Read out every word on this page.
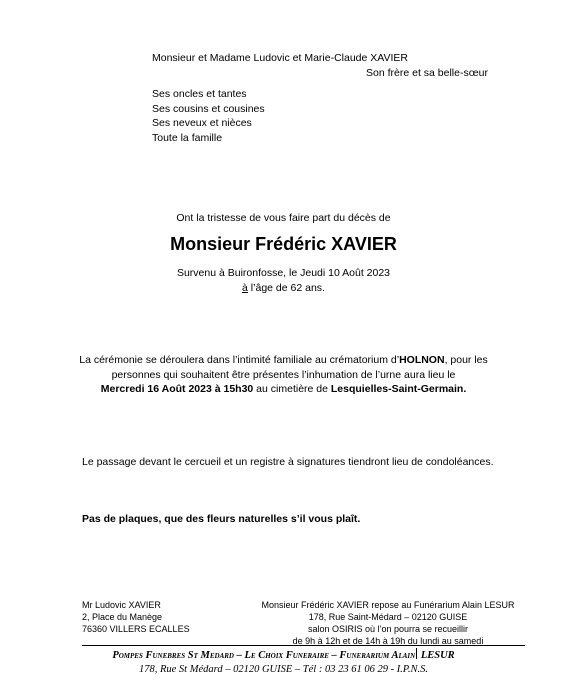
Monsieur et Madame Ludovic et Marie-Claude XAVIER
Son frère et sa belle-sœur
Ses oncles et tantes
Ses cousins et cousines
Ses neveux et nièces
Toute la famille
Ont la tristesse de vous faire part du décès de
Monsieur Frédéric XAVIER
Survenu à Buironfosse, le Jeudi 10 Août 2023
à l’âge de 62 ans.
La cérémonie se déroulera dans l’intimité familiale au crématorium d’HOLNON, pour les
personnes qui souhaitent être présentes l’inhumation de l’urne aura lieu le
Mercredi 16 Août 2023 à 15h30 au cimetière de Lesquielles-Saint-Germain.
Le passage devant le cercueil et un registre à signatures tiendront lieu de condoléances.
Pas de plaques, que des fleurs naturelles s’il vous plaît.
Mr Ludovic XAVIER
2, Place du Manège
76360 VILLERS ECALLES
Monsieur Frédéric XAVIER repose au Funérarium Alain LESUR
178, Rue Saint-Médard – 02120 GUISE
salon OSIRIS où l’on pourra se recueillir
de 9h à 12h et de 14h à 19h du lundi au samedi
Pompes Funebres St Medard – Le Choix Funeraire – Funerarium Alain LESUR
178, Rue St Médard – 02120 GUISE – Tél : 03 23 61 06 29 - I.P.N.S.
